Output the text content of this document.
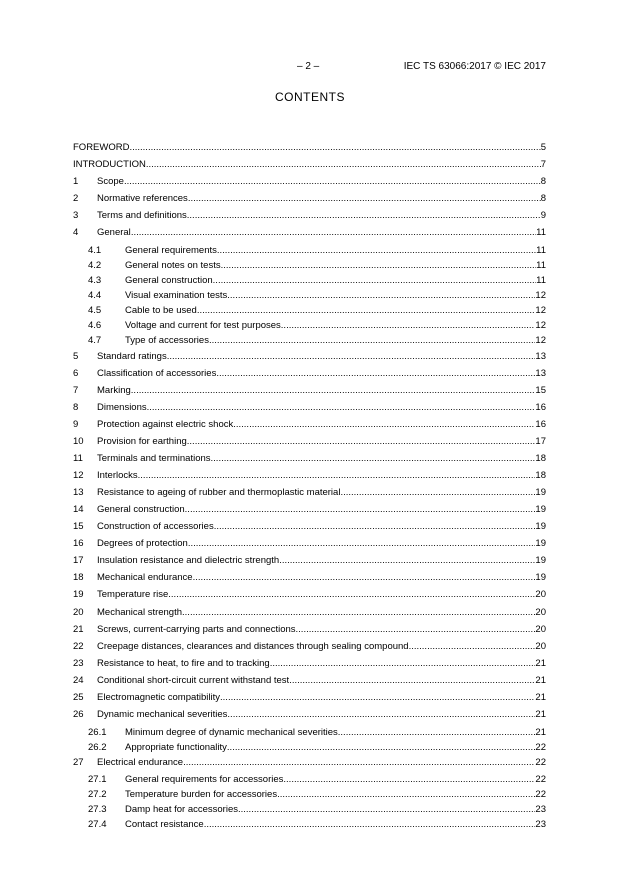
– 2 –	IEC TS 63066:2017 © IEC 2017
CONTENTS
FOREWORD .....	5
INTRODUCTION .....	7
1 Scope .....	8
2 Normative references .....	8
3 Terms and definitions .....	9
4 General .....	11
4.1	General requirements .....	11
4.2	General notes on tests .....	11
4.3	General construction .....	11
4.4	Visual examination tests .....	12
4.5	Cable to be used .....	12
4.6	Voltage and current for test purposes .....	12
4.7	Type of accessories .....	12
5 Standard ratings .....	13
6 Classification of accessories .....	13
7 Marking .....	15
8 Dimensions .....	16
9 Protection against electric shock .....	16
10 Provision for earthing .....	17
11 Terminals and terminations .....	18
12 Interlocks .....	18
13 Resistance to ageing of rubber and thermoplastic material .....	19
14 General construction .....	19
15 Construction of accessories .....	19
16 Degrees of protection .....	19
17 Insulation resistance and dielectric strength .....	19
18 Mechanical endurance .....	19
19 Temperature rise .....	20
20 Mechanical strength .....	20
21 Screws, current-carrying parts and connections .....	20
22 Creepage distances, clearances and distances through sealing compound .....	20
23 Resistance to heat, to fire and to tracking .....	21
24 Conditional short-circuit current withstand test .....	21
25 Electromagnetic compatibility .....	21
26 Dynamic mechanical severities .....	21
26.1 Minimum degree of dynamic mechanical severities .....	21
26.2 Appropriate functionality .....	22
27 Electrical endurance .....	22
27.1 General requirements for accessories .....	22
27.2 Temperature burden for accessories .....	22
27.3 Damp heat for accessories .....	23
27.4 Contact resistance .....	23
